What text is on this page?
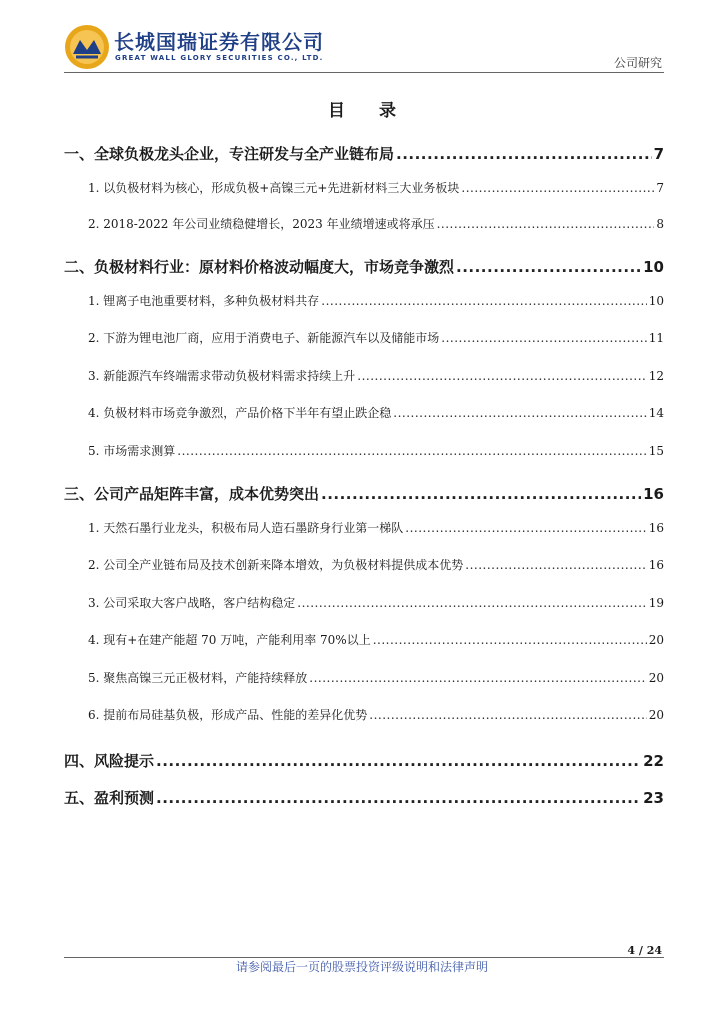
长城国瑞证券有限公司
GREAT WALL GLORY SECURITIES CO., LTD.	公司研究
目 录
一、全球负极龙头企业，专注研发与全产业链布局 .....	7
1. 以负极材料为核心，形成负极+高镍三元+先进新材料三大业务板块 .....	7
2. 2018-2022 年公司业绩稳健增长，2023 年业绩增速或将承压 .....	8
二、负极材料行业：原材料价格波动幅度大，市场竞争激烈 .....	10
1. 锂离子电池重要材料，多种负极材料共存 .....	10
2. 下游为锂电池厂商，应用于消费电子、新能源汽车以及储能市场 .....	11
3. 新能源汽车终端需求带动负极材料需求持续上升 .....	12
4. 负极材料市场竞争激烈，产品价格下半年有望止跌企稳 .....	14
5. 市场需求测算 .....	15
三、公司产品矩阵丰富，成本优势突出 .....	16
1. 天然石墨行业龙头，积极布局人造石墨跻身行业第一梯队 .....	16
2. 公司全产业链布局及技术创新来降本增效，为负极材料提供成本优势 .....	16
3. 公司采取大客户战略，客户结构稳定 .....	19
4. 现有+在建产能超 70 万吨，产能利用率 70%以上 .....	20
5. 聚焦高镍三元正极材料，产能持续释放 .....	20
6. 提前布局硅基负极，形成产品、性能的差异化优势 .....	20
四、风险提示 .....	22
五、盈利预测 .....	23
4 / 24
请参阅最后一页的股票投资评级说明和法律声明
